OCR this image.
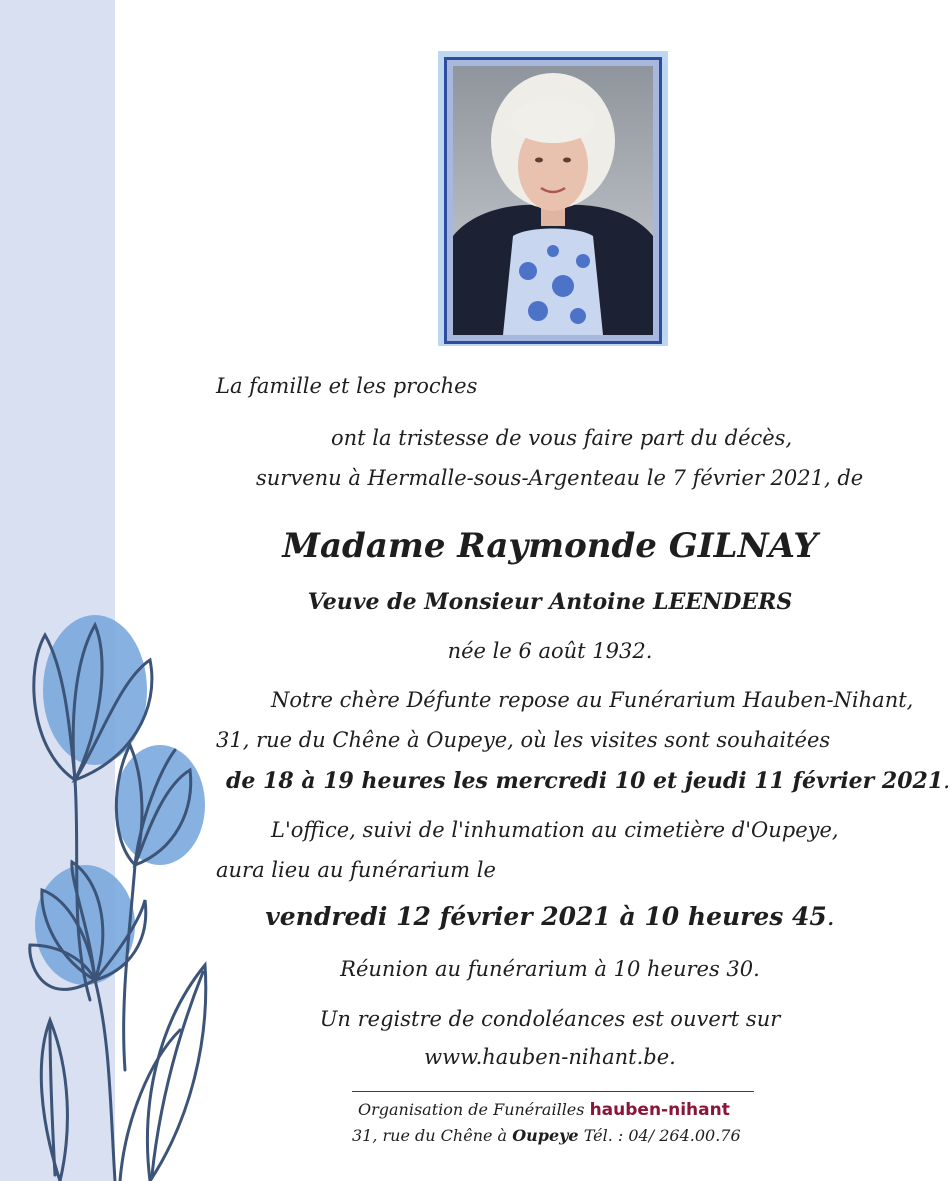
La famille et les proches
ont la tristesse de vous faire part du décès,
survenu à Hermalle-sous-Argenteau le 7 février 2021, de
Madame Raymonde GILNAY
Veuve de Monsieur Antoine LEENDERS
née le 6 août 1932.
Notre chère Défunte repose au Funérarium Hauben-Nihant,
31, rue du Chêne à Oupeye, où les visites sont souhaitées
de 18 à 19 heures les mercredi 10 et jeudi 11 février 2021.
L'office, suivi de l'inhumation au cimetière d'Oupeye,
aura lieu au funérarium le
vendredi 12 février 2021 à 10 heures 45.
Réunion au funérarium à 10 heures 30.
Un registre de condoléances est ouvert sur
www.hauben-nihant.be.
Organisation de Funérailles hauben-nihant
31, rue du Chêne à Oupeye Tél. : 04/ 264.00.76
